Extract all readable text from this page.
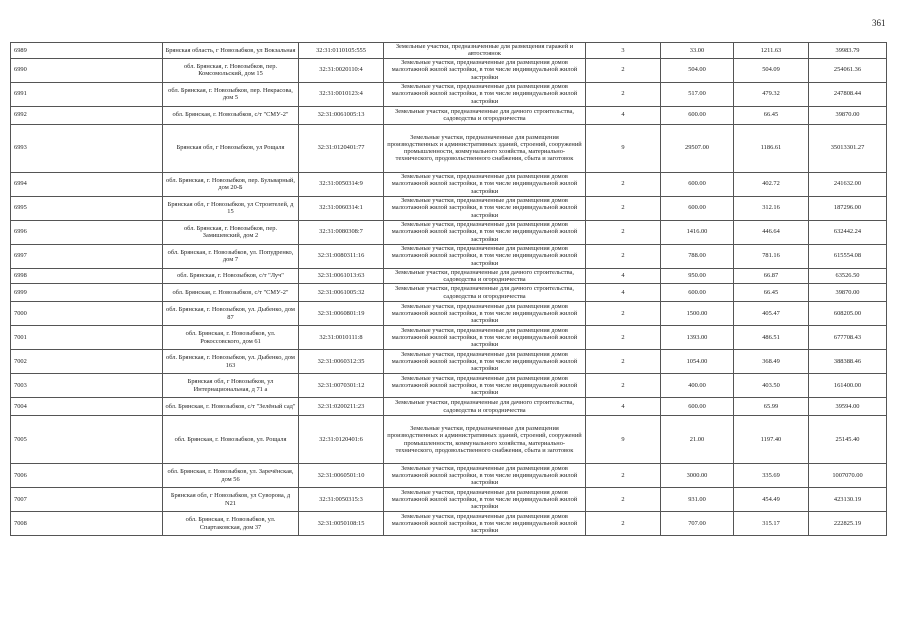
361
6989	Брянская область, г Новозыбков, ул Вокзальная	32:31:0110105:555	Земельные участки, предназначенные для размещения гаражей и автостоянок	3	33.00	1211.63	39983.79
6990	обл. Брянская, г. Новозыбков, пер. Комсомольский, дом 15	32:31:0020110:4	Земельные участки, предназначенные для размещения домов малоэтажной жилой застройки, в том числе индивидуальной жилой застройки	2	504.00	504.09	254061.36
6991	обл. Брянская, г. Новозыбков, пер. Некрасова, дом 5	32:31:0010123:4	Земельные участки, предназначенные для размещения домов малоэтажной жилой застройки, в том числе индивидуальной жилой застройки	2	517.00	479.32	247808.44
6992	обл. Брянская, г. Новозыбков, с/т "СМУ-2"	32:31:0061005:13	Земельные участки, предназначенные для дачного строительства, садоводства и огородничества	4	600.00	66.45	39870.00
6993	Брянская обл, г Новозыбков, ул Рощаля	32:31:0120401:77	Земельные участки, предназначенные для размещения производственных и административных зданий, строений, сооружений промышленности, коммунального хозяйства, материально-технического, продовольственного снабжения, сбыта и заготовок	9	29507.00	1186.61	35013301.27
6994	обл. Брянская, г. Новозыбков, пер. Бульварный, дом 20-Б	32:31:0050314:9	Земельные участки, предназначенные для размещения домов малоэтажной жилой застройки, в том числе индивидуальной жилой застройки	2	600.00	402.72	241632.00
6995	Брянская обл, г Новозыбков, ул Строителей, д 15	32:31:0060314:1	Земельные участки, предназначенные для размещения домов малоэтажной жилой застройки, в том числе индивидуальной жилой застройки	2	600.00	312.16	187296.00
6996	обл. Брянская, г. Новозыбков, пер. Замишевский, дом 2	32:31:0080308:7	Земельные участки, предназначенные для размещения домов малоэтажной жилой застройки, в том числе индивидуальной жилой застройки	2	1416.00	446.64	632442.24
6997	обл. Брянская, г. Новозыбков, ул. Попудренко, дом 7	32:31:0080311:16	Земельные участки, предназначенные для размещения домов малоэтажной жилой застройки, в том числе индивидуальной жилой застройки	2	788.00	781.16	615554.08
6998	обл. Брянская, г. Новозыбков, с/т "Луч"	32:31:0061013:63	Земельные участки, предназначенные для дачного строительства, садоводства и огородничества	4	950.00	66.87	63526.50
6999	обл. Брянская, г. Новозыбков, с/т "СМУ-2"	32:31:0061005:32	Земельные участки, предназначенные для дачного строительства, садоводства и огородничества	4	600.00	66.45	39870.00
7000	обл. Брянская, г. Новозыбков, ул. Дыбенко, дом 87	32:31:0060801:19	Земельные участки, предназначенные для размещения домов малоэтажной жилой застройки, в том числе индивидуальной жилой застройки	2	1500.00	405.47	608205.00
7001	обл. Брянская, г. Новозыбков, ул. Рокоссовского, дом 61	32:31:0010111:8	Земельные участки, предназначенные для размещения домов малоэтажной жилой застройки, в том числе индивидуальной жилой застройки	2	1393.00	486.51	677708.43
7002	обл. Брянская, г. Новозыбков, ул. Дыбенко, дом 163	32:31:0060312:35	Земельные участки, предназначенные для размещения домов малоэтажной жилой застройки, в том числе индивидуальной жилой застройки	2	1054.00	368.49	388388.46
7003	Брянская обл, г Новозыбков, ул Интернациональная, д 71 а	32:31:0070301:12	Земельные участки, предназначенные для размещения домов малоэтажной жилой застройки, в том числе индивидуальной жилой застройки	2	400.00	403.50	161400.00
7004	обл. Брянская, г. Новозыбков, с/т "Зелёный сад"	32:31:0200211:23	Земельные участки, предназначенные для дачного строительства, садоводства и огородничества	4	600.00	65.99	39594.00
7005	обл. Брянская, г. Новозыбков, ул. Рощаля	32:31:0120401:6	Земельные участки, предназначенные для размещения производственных и административных зданий, строений, сооружений промышленности, коммунального хозяйства, материально-технического, продовольственного снабжения, сбыта и заготовок	9	21.00	1197.40	25145.40
7006	обл. Брянская, г. Новозыбков, ул. Заречёнская, дом 56	32:31:0060501:10	Земельные участки, предназначенные для размещения домов малоэтажной жилой застройки, в том числе индивидуальной жилой застройки	2	3000.00	335.69	1007070.00
7007	Брянская обл, г Новозыбков, ул Суворова, д N21	32:31:0050315:3	Земельные участки, предназначенные для размещения домов малоэтажной жилой застройки, в том числе индивидуальной жилой застройки	2	931.00	454.49	423130.19
7008	обл. Брянская, г. Новозыбков, ул. Спартаковская, дом 37	32:31:0050108:15	Земельные участки, предназначенные для размещения домов малоэтажной жилой застройки, в том числе индивидуальной жилой застройки	2	707.00	315.17	222825.19
